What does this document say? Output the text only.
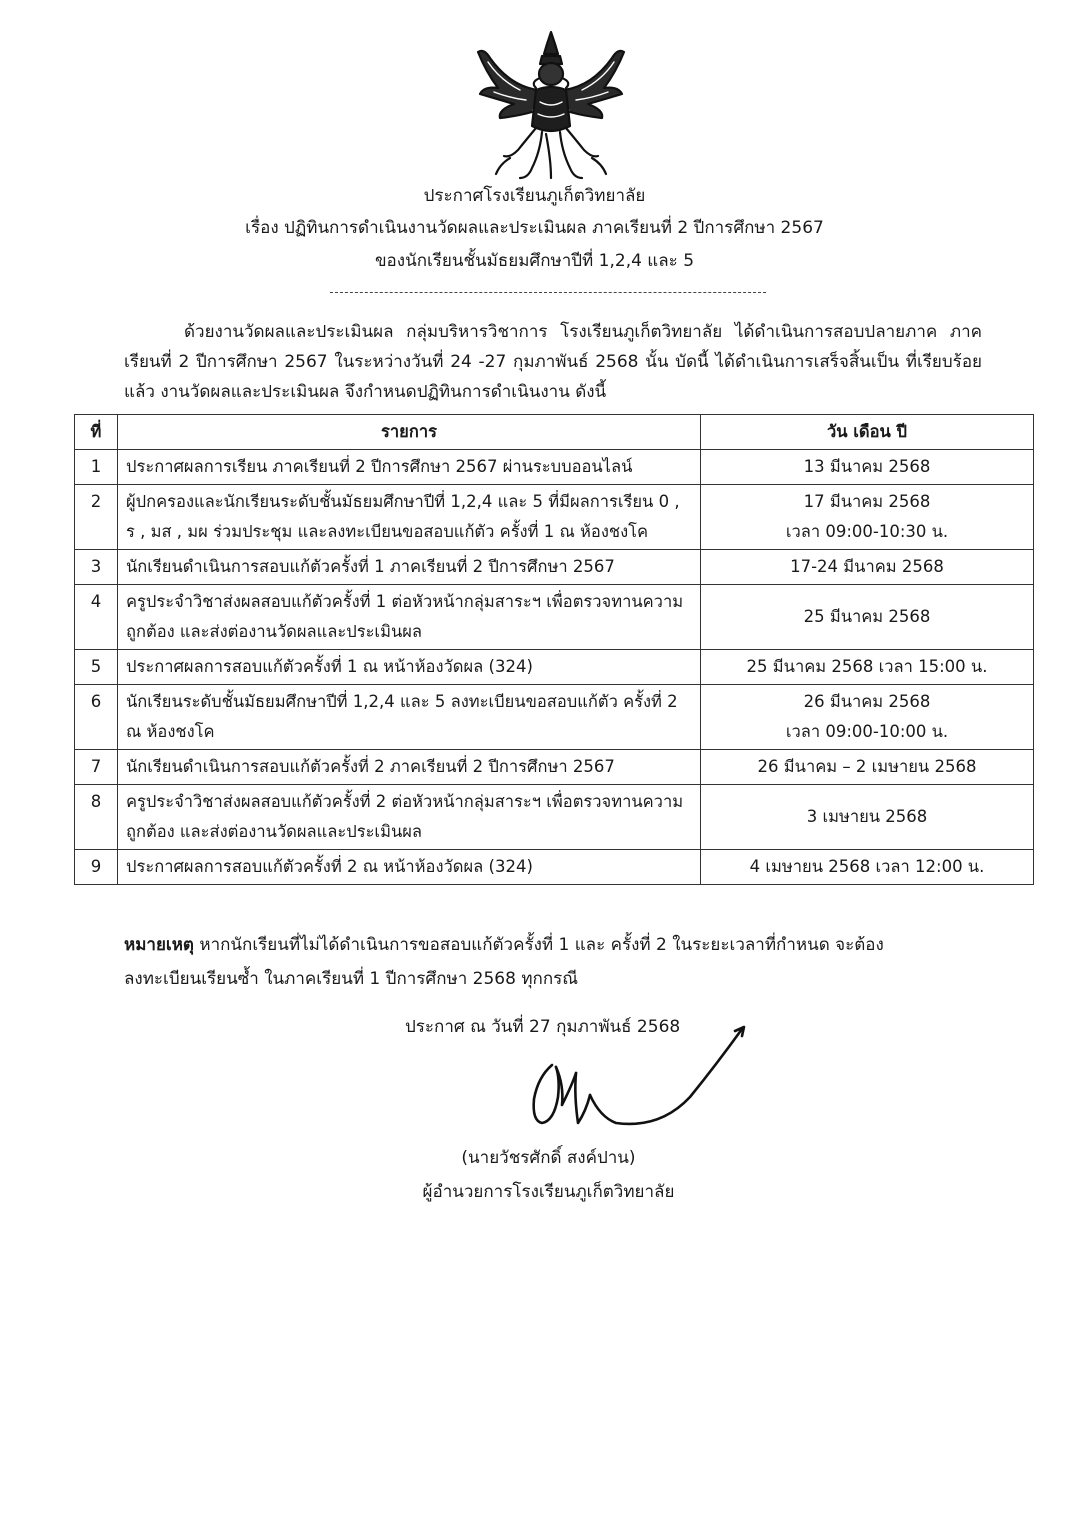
ประกาศโรงเรียนภูเก็ตวิทยาลัย
เรื่อง ปฏิทินการดำเนินงานวัดผลและประเมินผล ภาคเรียนที่ 2 ปีการศึกษา 2567
ของนักเรียนชั้นมัธยมศึกษาปีที่ 1,2,4 และ 5
ด้วยงานวัดผลและประเมินผล กลุ่มบริหารวิชาการ โรงเรียนภูเก็ตวิทยาลัย ได้ดำเนินการสอบปลายภาค ภาคเรียนที่ 2 ปีการศึกษา 2567 ในระหว่างวันที่ 24 -27 กุมภาพันธ์ 2568 นั้น บัดนี้ ได้ดำเนินการเสร็จสิ้นเป็น ที่เรียบร้อยแล้ว งานวัดผลและประเมินผล จึงกำหนดปฏิทินการดำเนินงาน ดังนี้
ที่	รายการ	วัน เดือน ปี
1	ประกาศผลการเรียน ภาคเรียนที่ 2 ปีการศึกษา 2567 ผ่านระบบออนไลน์	13 มีนาคม 2568
2	ผู้ปกครองและนักเรียนระดับชั้นมัธยมศึกษาปีที่ 1,2,4 และ 5 ที่มีผลการเรียน 0 , ร , มส , มผ ร่วมประชุม และลงทะเบียนขอสอบแก้ตัว ครั้งที่ 1 ณ ห้องชงโค	17 มีนาคม 2568
เวลา 09:00-10:30 น.

3	นักเรียนดำเนินการสอบแก้ตัวครั้งที่ 1 ภาคเรียนที่ 2 ปีการศึกษา 2567	17-24 มีนาคม 2568
4	ครูประจำวิชาส่งผลสอบแก้ตัวครั้งที่ 1 ต่อหัวหน้ากลุ่มสาระฯ เพื่อตรวจทานความถูกต้อง และส่งต่องานวัดผลและประเมินผล	25 มีนาคม 2568
5	ประกาศผลการสอบแก้ตัวครั้งที่ 1 ณ หน้าห้องวัดผล (324)	25 มีนาคม 2568 เวลา 15:00 น.
6	นักเรียนระดับชั้นมัธยมศึกษาปีที่ 1,2,4 และ 5 ลงทะเบียนขอสอบแก้ตัว ครั้งที่ 2 ณ ห้องชงโค	26 มีนาคม 2568
เวลา 09:00-10:00 น.

7	นักเรียนดำเนินการสอบแก้ตัวครั้งที่ 2 ภาคเรียนที่ 2 ปีการศึกษา 2567	26 มีนาคม – 2 เมษายน 2568
8	ครูประจำวิชาส่งผลสอบแก้ตัวครั้งที่ 2 ต่อหัวหน้ากลุ่มสาระฯ เพื่อตรวจทานความถูกต้อง และส่งต่องานวัดผลและประเมินผล	3 เมษายน 2568
9	ประกาศผลการสอบแก้ตัวครั้งที่ 2 ณ หน้าห้องวัดผล (324)	4 เมษายน 2568 เวลา 12:00 น.
หมายเหตุ หากนักเรียนที่ไม่ได้ดำเนินการขอสอบแก้ตัวครั้งที่ 1 และ ครั้งที่ 2 ในระยะเวลาที่กำหนด จะต้อง
ลงทะเบียนเรียนซ้ำ ในภาคเรียนที่ 1 ปีการศึกษา 2568 ทุกกรณี
ประกาศ ณ วันที่ 27 กุมภาพันธ์ 2568
(นายวัชรศักดิ์ สงค์ปาน)
ผู้อำนวยการโรงเรียนภูเก็ตวิทยาลัย
